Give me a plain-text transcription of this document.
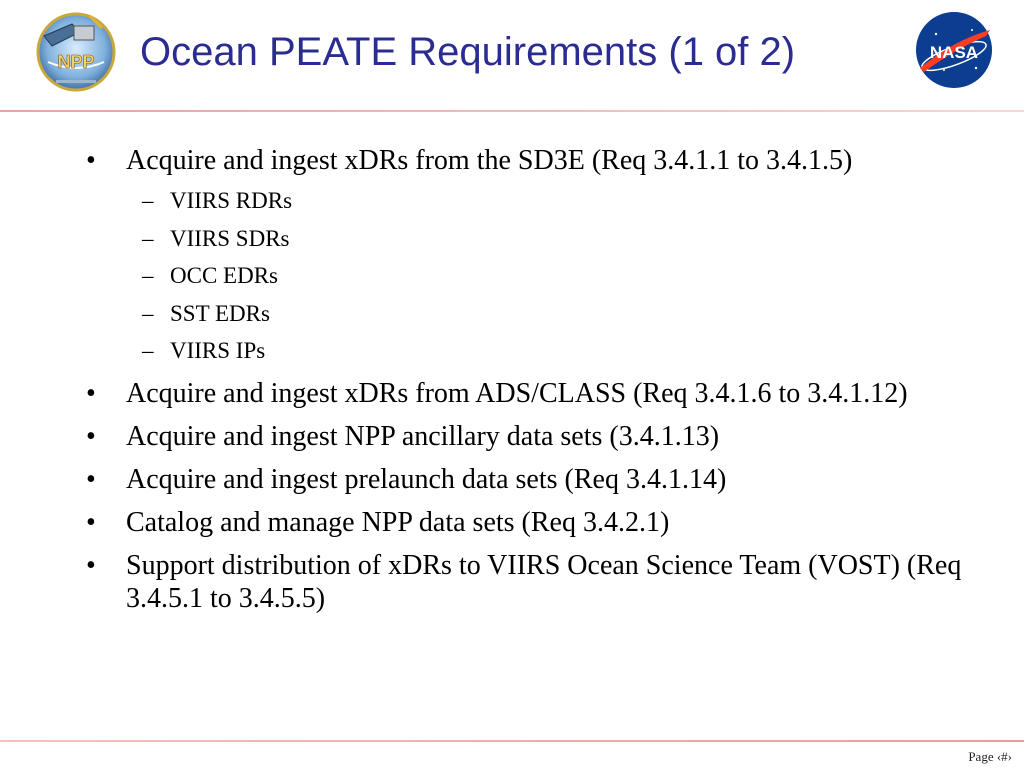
NPP Ocean PEATE Requirements (1 of 2)	NASA
• Acquire and ingest xDRs from the SD3E (Req 3.4.1.1 to 3.4.1.5)
– VIIRS RDRs
– VIIRS SDRs
– OCC EDRs
– SST EDRs
– VIIRS IPs
• Acquire and ingest xDRs from ADS/CLASS (Req 3.4.1.6 to 3.4.1.12)
• Acquire and ingest NPP ancillary data sets (3.4.1.13)
• Acquire and ingest prelaunch data sets (Req 3.4.1.14)
• Catalog and manage NPP data sets (Req 3.4.2.1)
• Support distribution of xDRs to VIIRS Ocean Science Team (VOST) (Req 3.4.5.1 to 3.4.5.5)
Page ‹#›
